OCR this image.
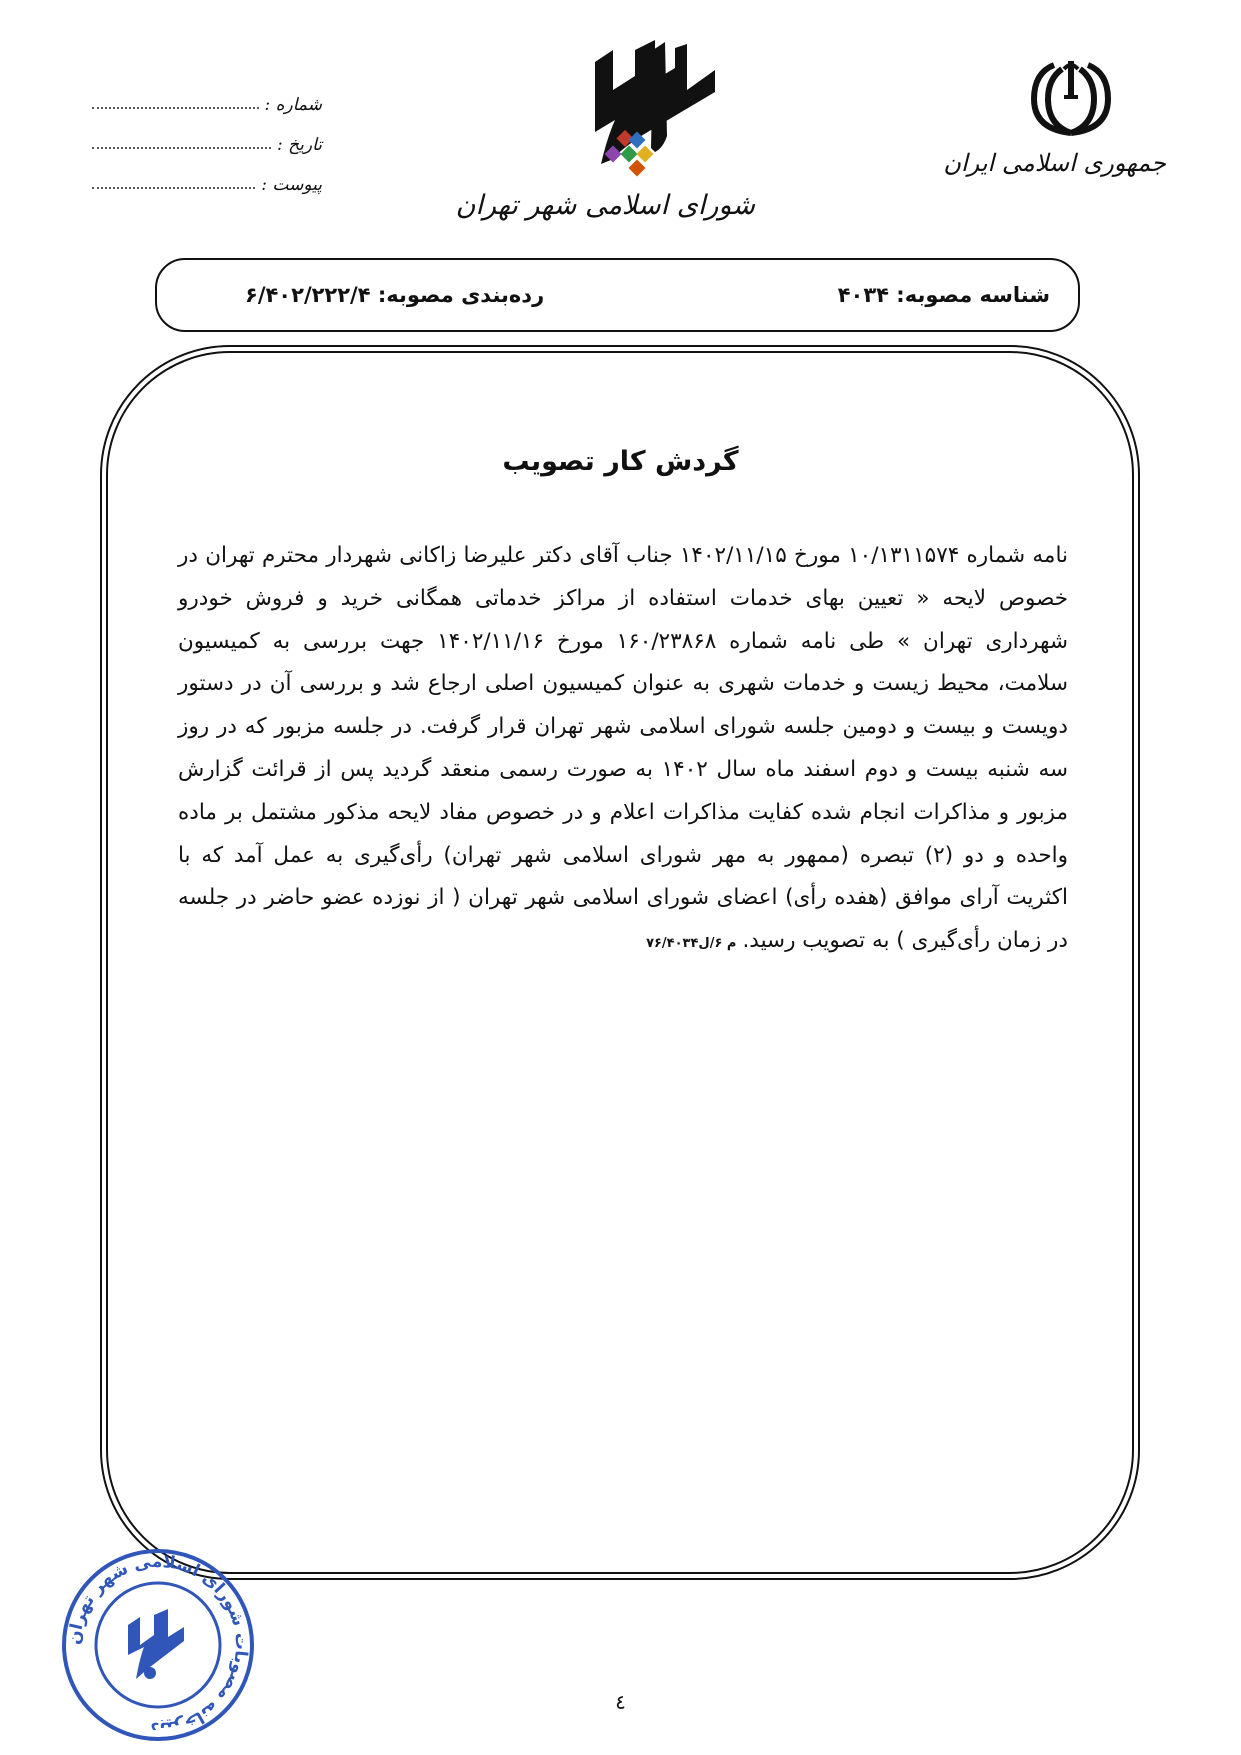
جمهوری اسلامی ایران
شورای اسلامی شهر تهران
شماره :
تاریخ :
پیوست :
شناسه مصوبه: ۴۰۳۴
رده‌بندی مصوبه: ۶/۴۰۲/۲۲۲/۴
گردش کار تصویب

نامه شماره ۱۰/۱۳۱۱۵۷۴ مورخ ۱۴۰۲/۱۱/۱۵ جناب آقای دکتر علیرضا زاکانی شهردار محترم تهران در خصوص لایحه « تعیین بهای خدمات استفاده از مراکز خدماتی همگانی خرید و فروش خودرو شهرداری تهران » طی نامه شماره ۱۶۰/۲۳۸۶۸ مورخ ۱۴۰۲/۱۱/۱۶ جهت بررسی به کمیسیون سلامت، محیط زیست و خدمات شهری به عنوان کمیسیون اصلی ارجاع شد و بررسی آن در دستور دویست و بیست و دومین جلسه شورای اسلامی شهر تهران قرار گرفت. در جلسه مزبور که در روز سه شنبه بیست و دوم اسفند ماه سال ۱۴۰۲ به صورت رسمی منعقد گردید پس از قرائت گزارش مزبور و مذاکرات انجام شده کفایت مذاکرات اعلام و در خصوص مفاد لایحه مذکور مشتمل بر ماده واحده و دو (۲) تبصره (ممهور به مهر شورای اسلامی شهر تهران) رأی‌گیری به عمل آمد که با اکثریت آرای موافق (هفده رأی) اعضای شورای اسلامی شهر تهران ( از نوزده عضو حاضر در جلسه در زمان رأی‌گیری ) به تصویب رسید.م ۶/ل۷۶/۴۰۳۴

دبیرخانه مصوبات شورای اسلامی شهر تهران
٤
